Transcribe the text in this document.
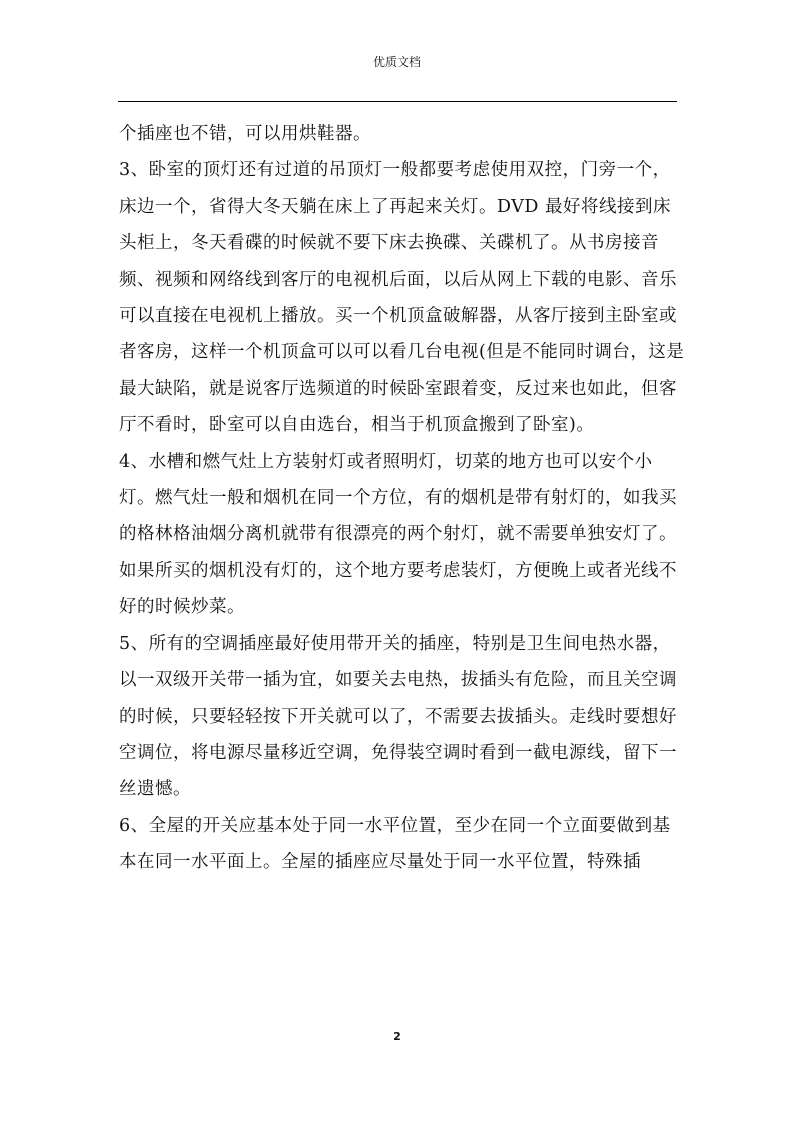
优质文档

个插座也不错，可以用烘鞋器。

3、卧室的顶灯还有过道的吊顶灯一般都要考虑使用双控，门旁一个，床边一个，省得大冬天躺在床上了再起来关灯。DVD 最好将线接到床头柜上，冬天看碟的时候就不要下床去换碟、关碟机了。从书房接音频、视频和网络线到客厅的电视机后面，以后从网上下载的电影、音乐可以直接在电视机上播放。买一个机顶盒破解器，从客厅接到主卧室或者客房，这样一个机顶盒可以可以看几台电视(但是不能同时调台，这是最大缺陷，就是说客厅选频道的时候卧室跟着变，反过来也如此，但客厅不看时，卧室可以自由选台，相当于机顶盒搬到了卧室)。

4、水槽和燃气灶上方装射灯或者照明灯，切菜的地方也可以安个小灯。燃气灶一般和烟机在同一个方位，有的烟机是带有射灯的，如我买的格林格油烟分离机就带有很漂亮的两个射灯，就不需要单独安灯了。如果所买的烟机没有灯的，这个地方要考虑装灯，方便晚上或者光线不好的时候炒菜。

5、所有的空调插座最好使用带开关的插座，特别是卫生间电热水器，以一双级开关带一插为宜，如要关去电热，拔插头有危险，而且关空调的时候，只要轻轻按下开关就可以了，不需要去拔插头。走线时要想好空调位，将电源尽量移近空调，免得装空调时看到一截电源线，留下一丝遗憾。

6、全屋的开关应基本处于同一水平位置，至少在同一个立面要做到基本在同一水平面上。全屋的插座应尽量处于同一水平位置，特殊插

2
